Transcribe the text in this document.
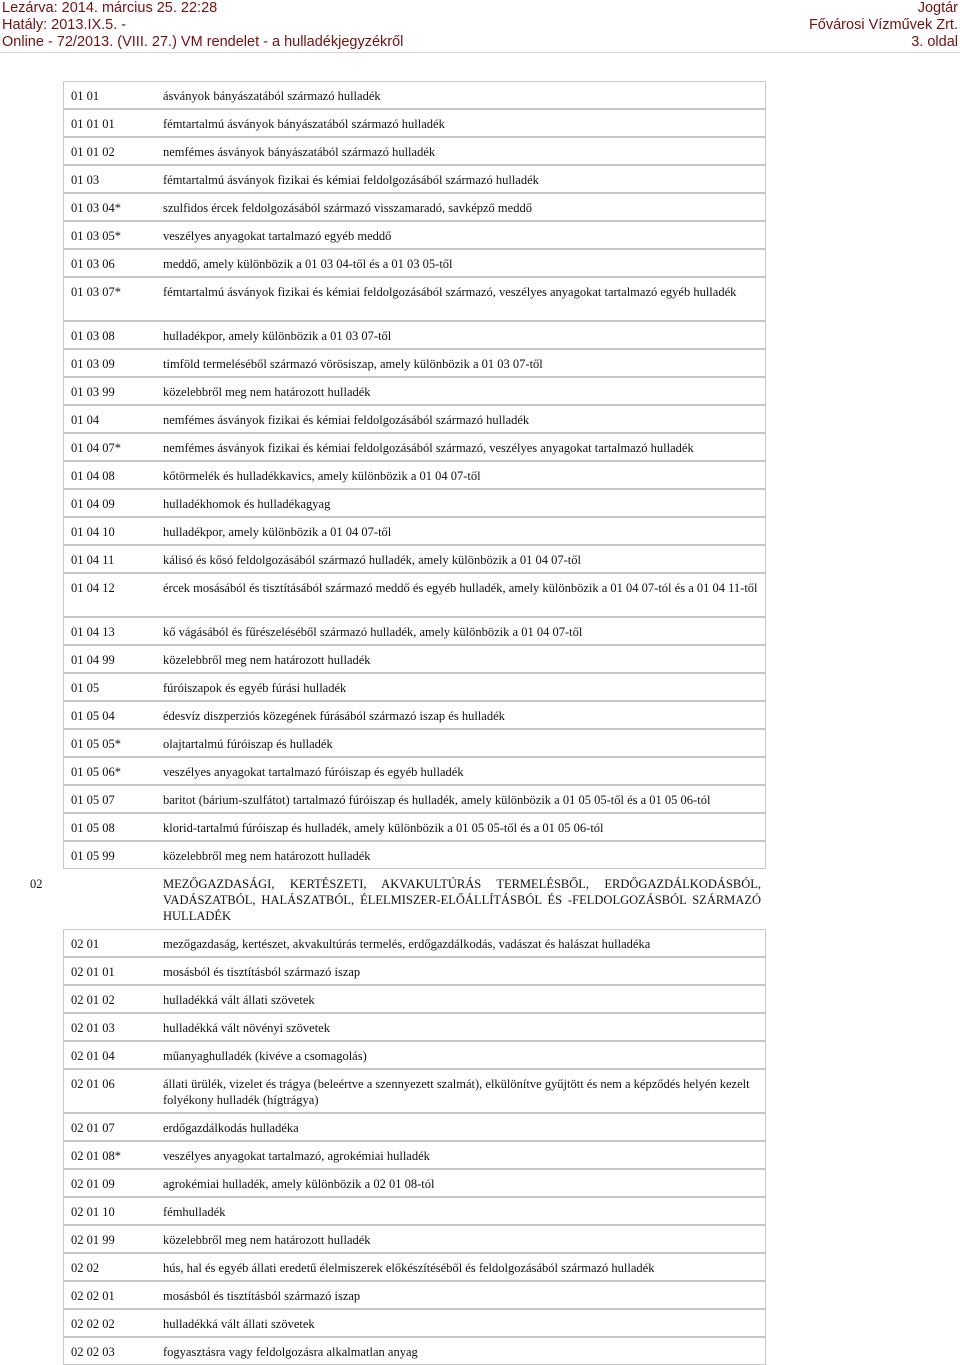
Lezárva: 2014. március 25. 22:28
Hatály: 2013.IX.5. -
Online - 72/2013. (VIII. 27.) VM rendelet - a hulladékjegyzékről
Jogtár
Fővárosi Vízművek Zrt.
3. oldal
01 01	ásványok bányászatából származó hulladék
01 01 01	fémtartalmú ásványok bányászatából származó hulladék
01 01 02	nemfémes ásványok bányászatából származó hulladék
01 03	fémtartalmú ásványok fizikai és kémiai feldolgozásából származó hulladék
01 03 04*	szulfidos ércek feldolgozásából származó visszamaradó, savképző meddő
01 03 05*	veszélyes anyagokat tartalmazó egyéb meddő
01 03 06	meddő, amely különbözik a 01 03 04-től és a 01 03 05-től
01 03 07*	fémtartalmú ásványok fizikai és kémiai feldolgozásából származó, veszélyes anyagokat tartalmazó egyéb hulladék
01 03 08	hulladékpor, amely különbözik a 01 03 07-től
01 03 09	timföld termeléséből származó vörösiszap, amely különbözik a 01 03 07-től
01 03 99	közelebbről meg nem határozott hulladék
01 04	nemfémes ásványok fizikai és kémiai feldolgozásából származó hulladék
01 04 07*	nemfémes ásványok fizikai és kémiai feldolgozásából származó, veszélyes anyagokat tartalmazó hulladék
01 04 08	kőtörmelék és hulladékkavics, amely különbözik a 01 04 07-től
01 04 09	hulladékhomok és hulladékagyag
01 04 10	hulladékpor, amely különbözik a 01 04 07-től
01 04 11	kálisó és kősó feldolgozásából származó hulladék, amely különbözik a 01 04 07-től
01 04 12	ércek mosásából és tisztításából származó meddő és egyéb hulladék, amely különbözik a 01 04 07-tól és a 01 04 11-től
01 04 13	kő vágásából és fűrészeléséből származó hulladék, amely különbözik a 01 04 07-től
01 04 99	közelebbről meg nem határozott hulladék
01 05	fúróiszapok és egyéb fúrási hulladék
01 05 04	édesvíz diszperziós közegének fúrásából származó iszap és hulladék
01 05 05*	olajtartalmú fúróiszap és hulladék
01 05 06*	veszélyes anyagokat tartalmazó fúróiszap és egyéb hulladék
01 05 07	baritot (bárium-szulfátot) tartalmazó fúróiszap és hulladék, amely különbözik a 01 05 05-től és a 01 05 06-tól
01 05 08	klorid-tartalmú fúróiszap és hulladék, amely különbözik a 01 05 05-től és a 01 05 06-tól
01 05 99	közelebbről meg nem határozott hulladék
02	MEZŐGAZDASÁGI, KERTÉSZETI, AKVAKULTÚRÁS TERMELÉSBŐL, ERDŐGAZDÁLKODÁSBÓL, VADÁSZATBÓL, HALÁSZATBÓL, ÉLELMISZER-ELŐÁLLÍTÁSBÓL ÉS -FELDOLGOZÁSBÓL SZÁRMAZÓ HULLADÉK
02 01	mezőgazdaság, kertészet, akvakultúrás termelés, erdőgazdálkodás, vadászat és halászat hulladéka
02 01 01	mosásból és tisztításból származó iszap
02 01 02	hulladékká vált állati szövetek
02 01 03	hulladékká vált növényi szövetek
02 01 04	műanyaghulladék (kivéve a csomagolás)
02 01 06	állati ürülék, vizelet és trágya (beleértve a szennyezett szalmát), elkülönítve gyűjtött és nem a képződés helyén kezelt folyékony hulladék (hígtrágya)
02 01 07	erdőgazdálkodás hulladéka
02 01 08*	veszélyes anyagokat tartalmazó, agrokémiai hulladék
02 01 09	agrokémiai hulladék, amely különbözik a 02 01 08-tól
02 01 10	fémhulladék
02 01 99	közelebbről meg nem határozott hulladék
02 02	hús, hal és egyéb állati eredetű élelmiszerek előkészítéséből és feldolgozásából származó hulladék
02 02 01	mosásból és tisztításból származó iszap
02 02 02	hulladékká vált állati szövetek
02 02 03	fogyasztásra vagy feldolgozásra alkalmatlan anyag
